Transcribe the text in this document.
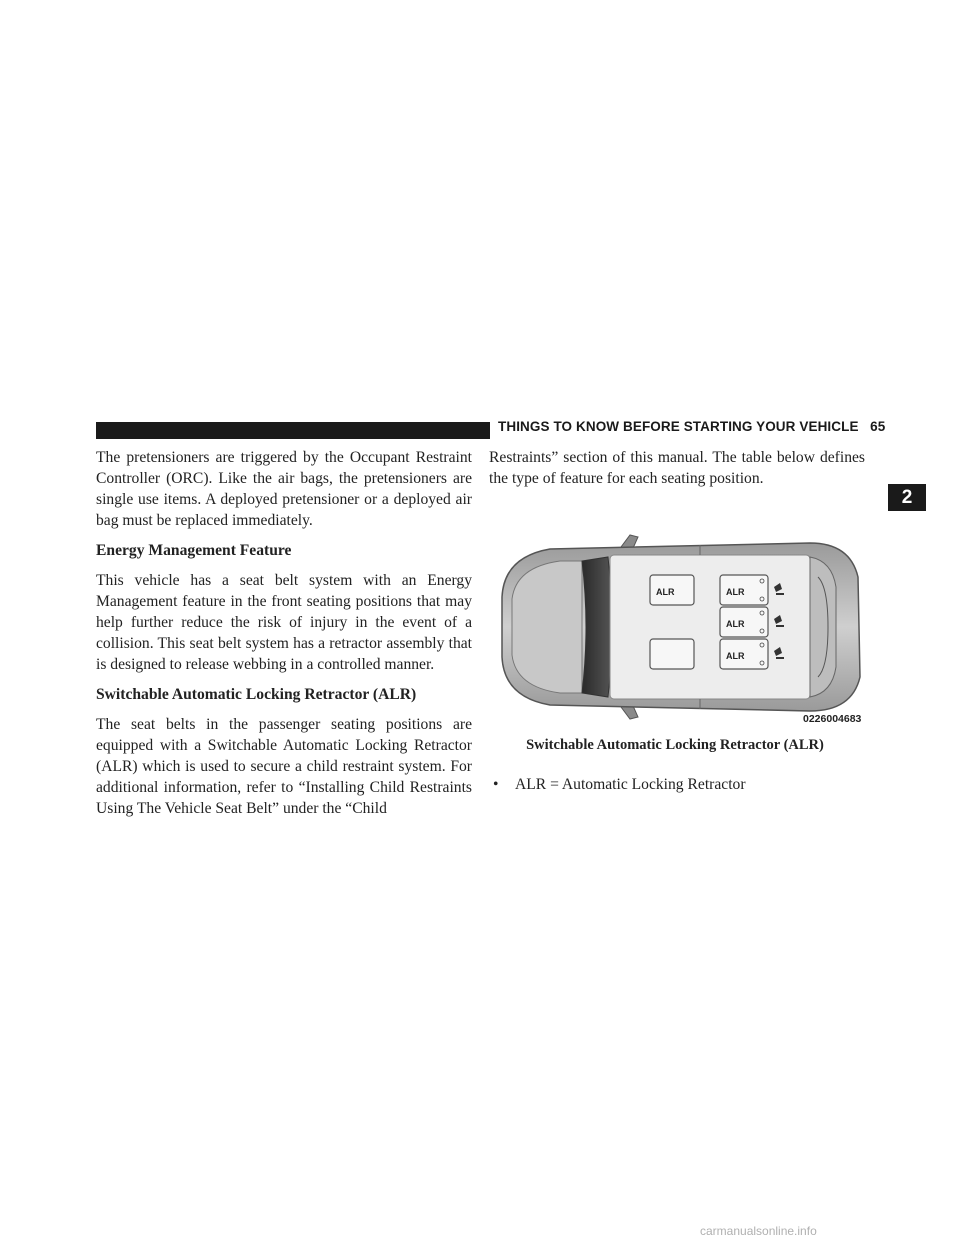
THINGS TO KNOW BEFORE STARTING YOUR VEHICLE 65
2

The pretensioners are triggered by the Occupant Restraint Controller (ORC). Like the air bags, the pretensioners are single use items. A deployed pretensioner or a deployed air bag must be replaced immediately.

Energy Management Feature

This vehicle has a seat belt system with an Energy Management feature in the front seating positions that may help further reduce the risk of injury in the event of a collision. This seat belt system has a retractor assembly that is designed to release webbing in a controlled manner.

Switchable Automatic Locking Retractor (ALR)

The seat belts in the passenger seating positions are equipped with a Switchable Automatic Locking Retractor (ALR) which is used to secure a child restraint system. For additional information, refer to “Installing Child Restraints Using The Vehicle Seat Belt” under the “Child

Restraints” section of this manual. The table below defines the type of feature for each seating position.

ALR	ALR
ALR
ALR
0226004683
Switchable Automatic Locking Retractor (ALR)
• ALR = Automatic Locking Retractor
carmanualsonline.info
